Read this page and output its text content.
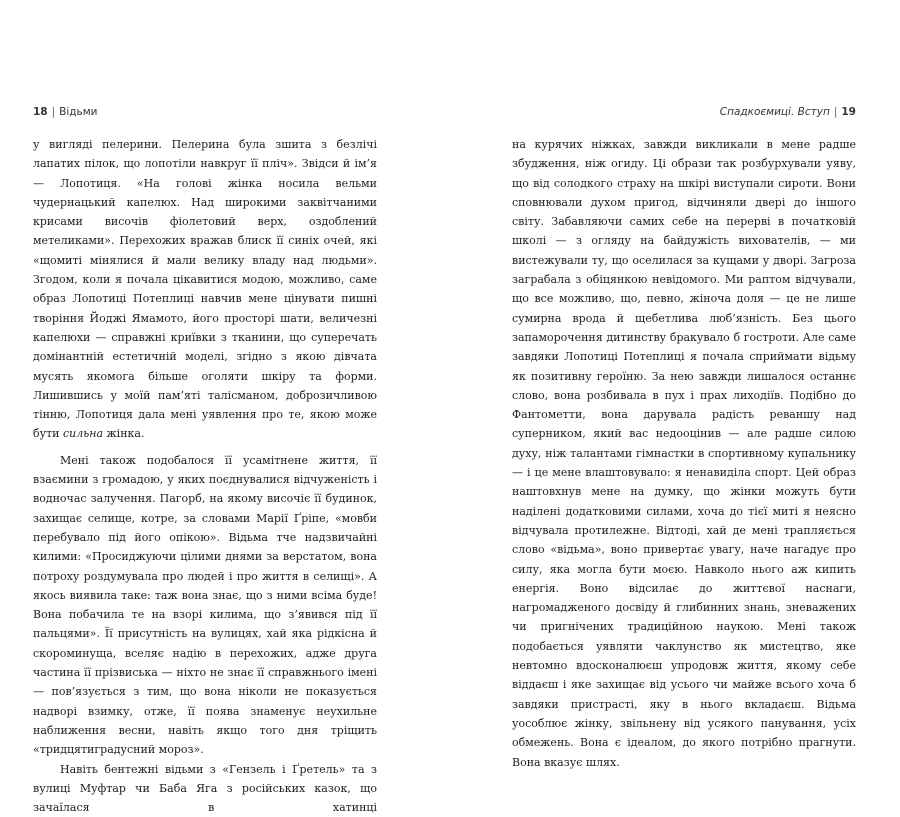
18 | Відьми

у вигляді пелерини. Пелерина була зшита з безлічі лапатих пілок, що лопотіли навкруг її пліч». Звідси й ім’я — Лопотиця. «На голові жінка носила вельми чудернацький капелюх. Над широкими заквітчаними крисами височів фіолетовий верх, оздоблений метеликами». Перехожих вражав блиск її синіх очей, які «щомиті мінялися й мали велику владу над людьми». Згодом, коли я почала цікавитися модою, можливо, саме образ Лопотиці Потеплиці навчив мене цінувати пишні творіння Йоджі Ямамото, його просторі шати, величезні капелюхи — справжні криївки з тканини, що суперечать домінантній естетичній моделі, згідно з якою дівчата мусять якомога більше оголяти шкіру та форми. Лишившись у моїй пам’яті талісманом, доброзичливою тінню, Лопотиця дала мені уявлення про те, якою може бути сильна жінка.

Мені також подобалося її усамітнене життя, її взаємини з громадою, у яких поєднувалися відчуженість і водночас залучення. Пагорб, на якому височіє її будинок, захищає селище, котре, за словами Марії Ґріпе, «мовби перебувало під його опікою». Відьма тче надзвичайні килими: «Просиджуючи цілими днями за верстатом, вона потроху роздумувала про людей і про життя в селищі». А якось виявила таке: таж вона знає, що з ними всіма буде! Вона побачила те на взорі килима, що з’явився під її пальцями». Її присутність на вулицях, хай яка рідкісна й скороминуща, вселяє надію в перехожих, адже друга частина її прізвиська — ніхто не знає її справжнього імені — пов’язується з тим, що вона ніколи не показується надворі взимку, отже, її поява знаменує неухильне наближення весни, навіть якщо того дня тріщить «тридцятиградусний мороз».

Навіть бентежні відьми з «Гензель і Ґретель» та з вулиці Муфтар чи Баба Яга з російських казок, що зачаїлася в хатинці

Спадкоємиці. Вступ | 19

на курячих ніжках, завжди викликали в мене радше збудження, ніж огиду. Ці образи так розбурхували уяву, що від солодкого страху на шкірі виступали сироти. Вони сповнювали духом пригод, відчиняли двері до іншого світу. Забавляючи самих себе на перерві в початковій школі — з огляду на байдужість вихователів, — ми вистежували ту, що оселилася за кущами у дворі. Загроза заграбала з обіцянкою невідомого. Ми раптом відчували, що все можливо, що, певно, жіноча доля — це не лише сумирна врода й щебетлива люб’язність. Без цього запаморочення дитинству бракувало б гостроти. Але саме завдяки Лопотиці Потеплиці я почала сприймати відьму як позитивну героїню. За нею завжди лишалося останнє слово, вона розбивала в пух і прах лиходіїв. Подібно до Фантометти, вона дарувала радість реваншу над суперником, який вас недооцінив — але радше силою духу, ніж талантами гімнастки в спортивному купальнику — і це мене влаштовувало: я ненавиділа спорт. Цей образ наштовхнув мене на думку, що жінки можуть бути наділені додатковими силами, хоча до тієї миті я неясно відчувала протилежне. Відтоді, хай де мені трапляється слово «відьма», воно привертає увагу, наче нагадує про силу, яка могла бути моєю. Навколо нього аж кипить енергія. Воно відсилає до життєвої наснаги, нагромадженого досвіду й глибинних знань, зневажених чи пригнічених традиційною наукою. Мені також подобається уявляти чаклунство як мистецтво, яке невтомно вдосконалюєш упродовж життя, якому себе віддаєш і яке захищає від усього чи майже всього хоча б завдяки пристрасті, яку в нього вкладаєш. Відьма уособлює жінку, звільнену від усякого панування, усіх обмежень. Вона є ідеалом, до якого потрібно прагнути. Вона вказує шлях.
